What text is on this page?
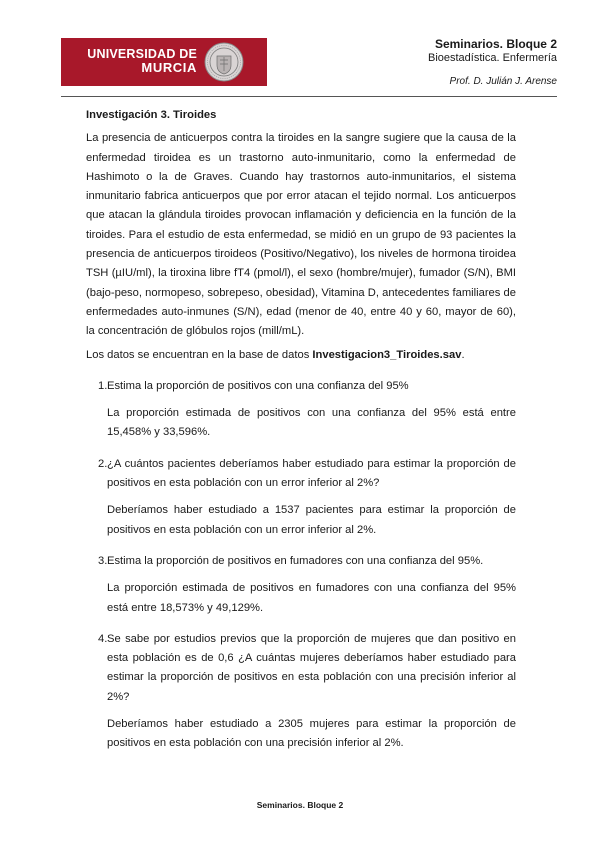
UNIVERSIDAD DE
MURCIA
Seminarios. Bloque 2
Bioestadística. Enfermería
Prof. D. Julián J. Arense

Investigación 3. Tiroides

La presencia de anticuerpos contra la tiroides en la sangre sugiere que la causa de la enfermedad tiroidea es un trastorno auto-inmunitario, como la enfermedad de Hashimoto o la de Graves. Cuando hay trastornos auto-inmunitarios, el sistema inmunitario fabrica anticuerpos que por error atacan el tejido normal. Los anticuerpos que atacan la glándula tiroides provocan inflamación y deficiencia en la función de la tiroides. Para el estudio de esta enfermedad, se midió en un grupo de 93 pacientes la presencia de anticuerpos tiroideos (Positivo/Negativo), los niveles de hormona tiroidea TSH (µIU/ml), la tiroxina libre fT4 (pmol/l), el sexo (hombre/mujer), fumador (S/N), BMI (bajo-peso, normopeso, sobrepeso, obesidad), Vitamina D, antecedentes familiares de enfermedades auto-inmunes (S/N), edad (menor de 40, entre 40 y 60, mayor de 60), la concentración de glóbulos rojos (mill/mL).

Los datos se encuentran en la base de datos Investigacion3_Tiroides.sav.

1. Estima la proporción de positivos con una confianza del 95%

La proporción estimada de positivos con una confianza del 95% está entre 15,458% y 33,596%.

2. ¿A cuántos pacientes deberíamos haber estudiado para estimar la proporción de positivos en esta población con un error inferior al 2%?

Deberíamos haber estudiado a 1537 pacientes para estimar la proporción de positivos en esta población con un error inferior al 2%.

3. Estima la proporción de positivos en fumadores con una confianza del 95%.

La proporción estimada de positivos en fumadores con una confianza del 95% está entre 18,573% y 49,129%.

4. Se sabe por estudios previos que la proporción de mujeres que dan positivo en esta población es de 0,6 ¿A cuántas mujeres deberíamos haber estudiado para estimar la proporción de positivos en esta población con una precisión inferior al 2%?

Deberíamos haber estudiado a 2305 mujeres para estimar la proporción de positivos en esta población con una precisión inferior al 2%.

Seminarios. Bloque 2
